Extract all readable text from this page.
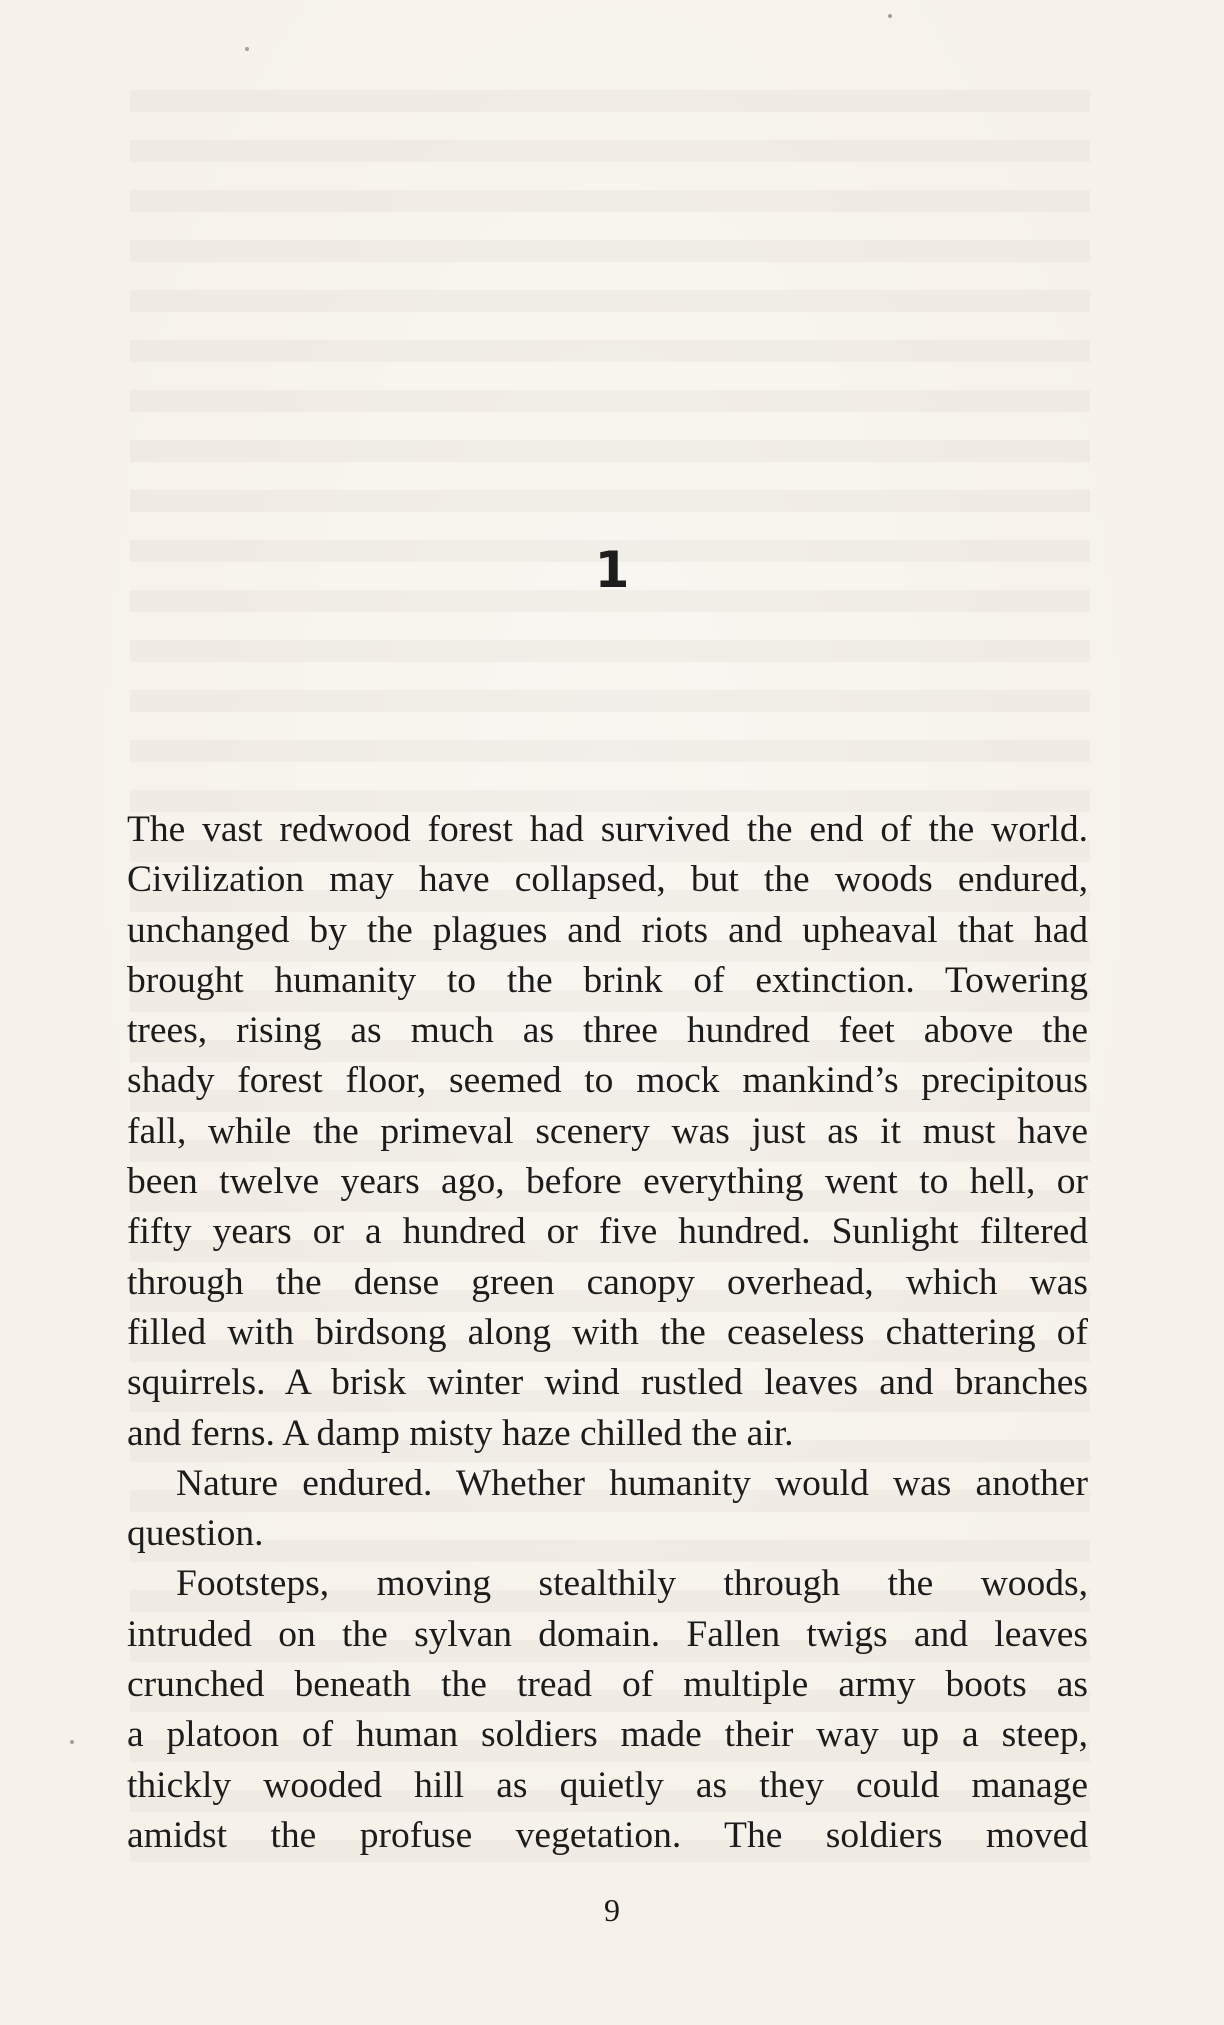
1
The vast redwood forest had survived the end of the world.
Civilization may have collapsed, but the woods endured,
unchanged by the plagues and riots and upheaval that had
brought humanity to the brink of extinction. Towering
trees, rising as much as three hundred feet above the
shady forest floor, seemed to mock mankind’s precipitous
fall, while the primeval scenery was just as it must have
been twelve years ago, before everything went to hell, or
fifty years or a hundred or five hundred. Sunlight filtered
through the dense green canopy overhead, which was
filled with birdsong along with the ceaseless chattering of
squirrels. A brisk winter wind rustled leaves and branches
and ferns. A damp misty haze chilled the air.
Nature endured. Whether humanity would was another
question.
Footsteps, moving stealthily through the woods,
intruded on the sylvan domain. Fallen twigs and leaves
crunched beneath the tread of multiple army boots as
a platoon of human soldiers made their way up a steep,
thickly wooded hill as quietly as they could manage
amidst the profuse vegetation. The soldiers moved
9
